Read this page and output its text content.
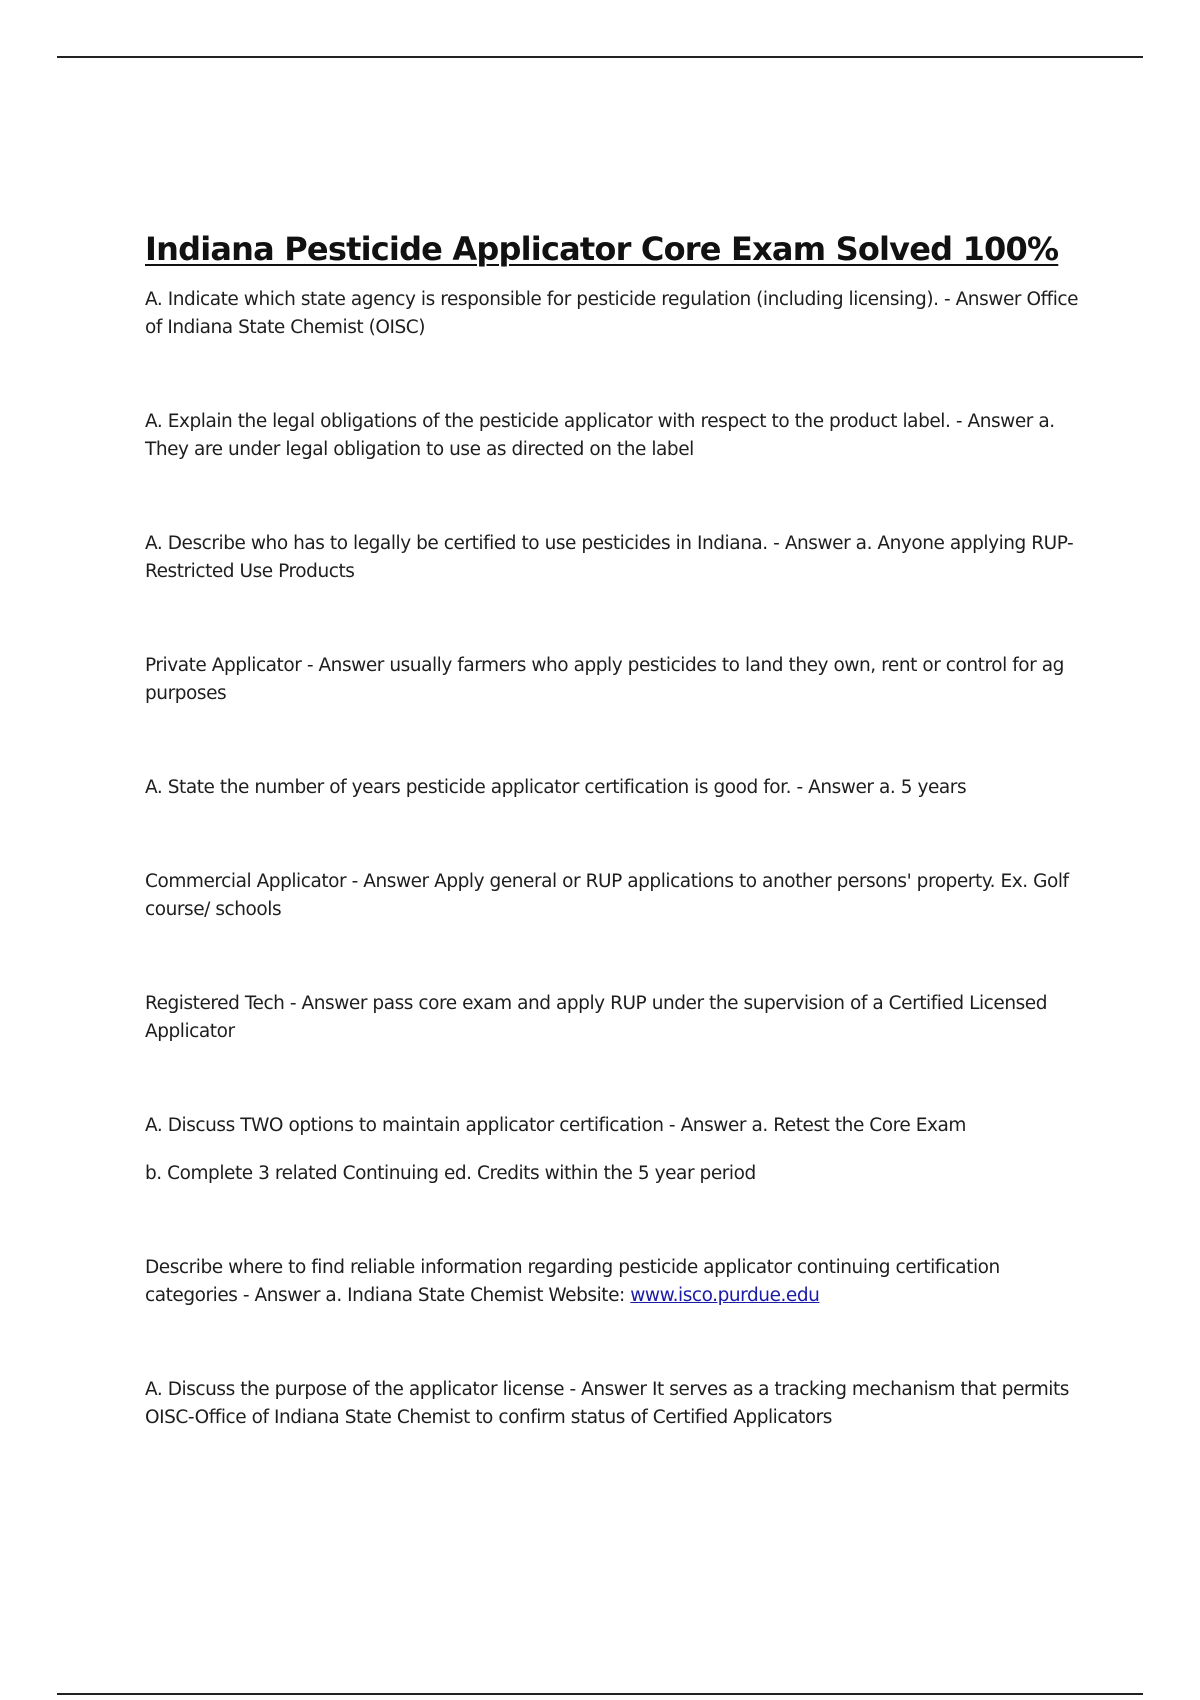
Indiana Pesticide Applicator Core Exam Solved 100%

A. Indicate which state agency is responsible for pesticide regulation (including licensing). - Answer Office of Indiana State Chemist (OISC)

A. Explain the legal obligations of the pesticide applicator with respect to the product label. - Answer a. They are under legal obligation to use as directed on the label

A. Describe who has to legally be certified to use pesticides in Indiana. - Answer a. Anyone applying RUP-Restricted Use Products

Private Applicator - Answer usually farmers who apply pesticides to land they own, rent or control for ag purposes

A. State the number of years pesticide applicator certification is good for. - Answer a. 5 years

Commercial Applicator - Answer Apply general or RUP applications to another persons' property. Ex. Golf course/ schools

Registered Tech - Answer pass core exam and apply RUP under the supervision of a Certified Licensed Applicator

A. Discuss TWO options to maintain applicator certification - Answer a. Retest the Core Exam

b. Complete 3 related Continuing ed. Credits within the 5 year period

Describe where to find reliable information regarding pesticide applicator continuing certification categories - Answer a. Indiana State Chemist Website: www.isco.purdue.edu

A. Discuss the purpose of the applicator license - Answer It serves as a tracking mechanism that permits OISC-Office of Indiana State Chemist to confirm status of Certified Applicators
